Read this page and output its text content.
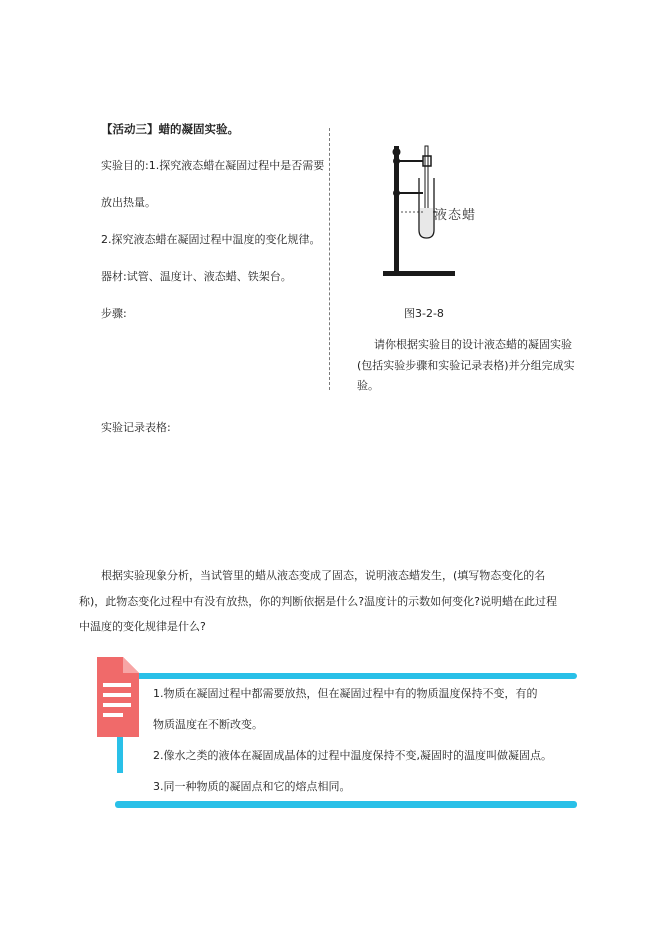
【活动三】蜡的凝固实验。
实验目的:1.探究液态蜡在凝固过程中是否需要
放出热量。
2.探究液态蜡在凝固过程中温度的变化规律。
器材:试管、温度计、液态蜡、铁架台。
步骤:
液态蜡
图3-2-8
请你根据实验目的设计液态蜡的凝固实验
(包括实验步骤和实验记录表格)并分组完成实
验。
实验记录表格:
根据实验现象分析，当试管里的蜡从液态变成了固态，说明液态蜡发生，(填写物态变化的名
称)，此物态变化过程中有没有放热，你的判断依据是什么?温度计的示数如何变化?说明蜡在此过程
中温度的变化规律是什么?
1.物质在凝固过程中都需要放热，但在凝固过程中有的物质温度保持不变，有的
物质温度在不断改变。
2.像水之类的液体在凝固成晶体的过程中温度保持不变,凝固时的温度叫做凝固点。
3.同一种物质的凝固点和它的熔点相同。
